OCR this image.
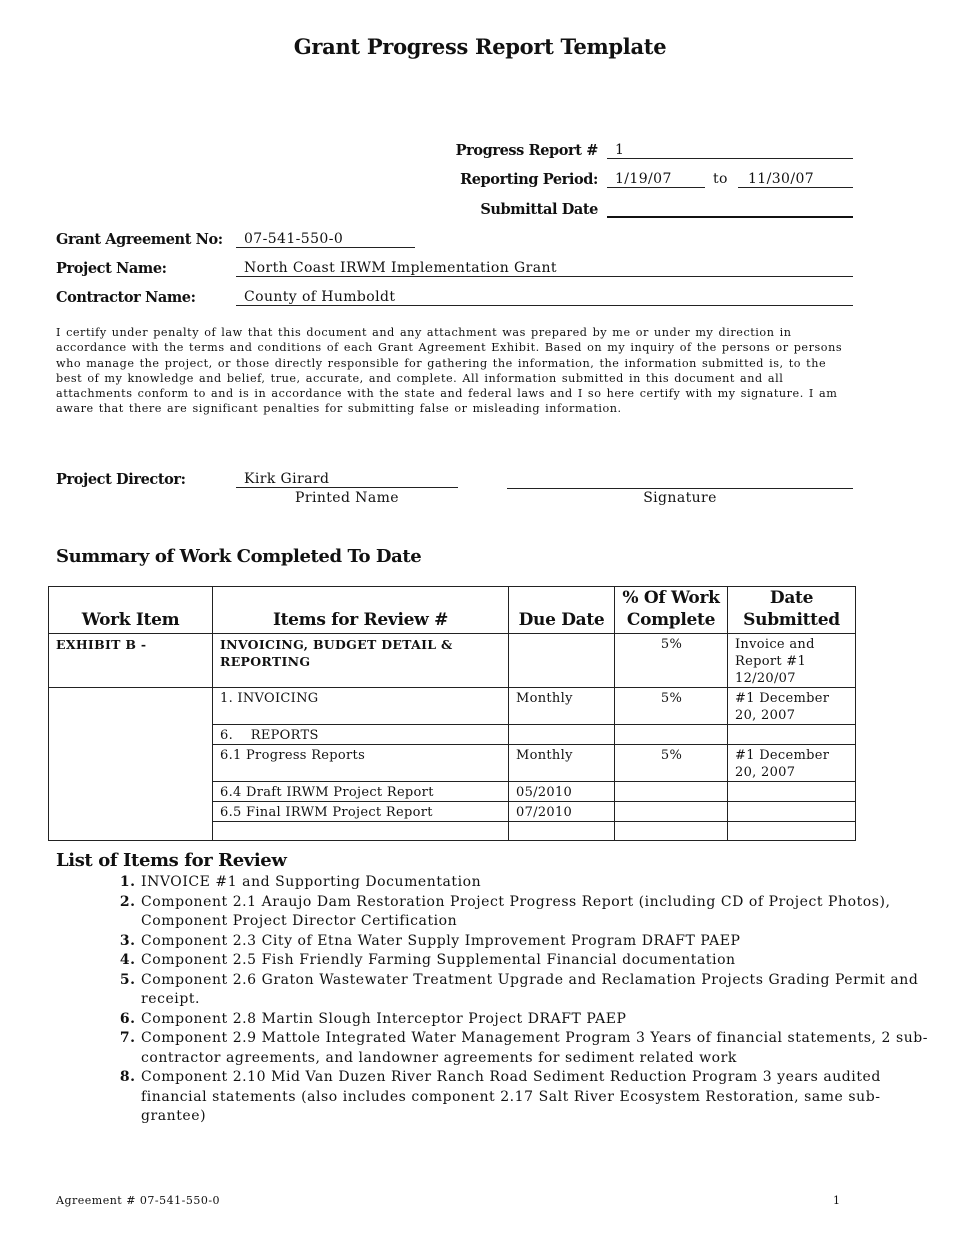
Grant Progress Report Template
Progress Report #	1
Reporting Period:	1/19/07	to	11/30/07
Submittal Date
Grant Agreement No:	07-541-550-0
Project Name:	North Coast IRWM Implementation Grant
Contractor Name:	County of Humboldt
I certify under penalty of law that this document and any attachment was prepared by me or under my direction in accordance with the terms and conditions of each Grant Agreement Exhibit. Based on my inquiry of the persons or persons who manage the project, or those directly responsible for gathering the information, the information submitted is, to the best of my knowledge and belief, true, accurate, and complete. All information submitted in this document and all attachments conform to and is in accordance with the state and federal laws and I so here certify with my signature. I am aware that there are significant penalties for submitting false or misleading information.
Project Director:	Kirk Girard
Printed Name	Signature
Summary of Work Completed To Date
Work Item	Items for Review #	Due Date	% Of Work Complete	Date Submitted
EXHIBIT B -	INVOICING, BUDGET DETAIL & REPORTING		5%	Invoice and Report #1 12/20/07
	1. INVOICING	Monthly	5%	#1 December 20, 2007
	6.    REPORTS			
	6.1 Progress Reports	Monthly	5%	#1 December 20, 2007
	6.4 Draft IRWM Project Report	05/2010		
	6.5 Final IRWM Project Report	07/2010		

List of Items for Review
1. INVOICE #1 and Supporting Documentation
2. Component 2.1 Araujo Dam Restoration Project Progress Report (including CD of Project Photos), Component Project Director Certification
3. Component 2.3 City of Etna Water Supply Improvement Program DRAFT PAEP
4. Component 2.5 Fish Friendly Farming Supplemental Financial documentation
5. Component 2.6 Graton Wastewater Treatment Upgrade and Reclamation Projects Grading Permit and receipt.
6. Component 2.8 Martin Slough Interceptor Project DRAFT PAEP
7. Component 2.9 Mattole Integrated Water Management Program 3 Years of financial statements, 2 sub-contractor agreements, and landowner agreements for sediment related work
8. Component 2.10 Mid Van Duzen River Ranch Road Sediment Reduction Program 3 years audited financial statements (also includes component 2.17 Salt River Ecosystem Restoration, same sub-grantee)
Agreement # 07-541-550-0	1
